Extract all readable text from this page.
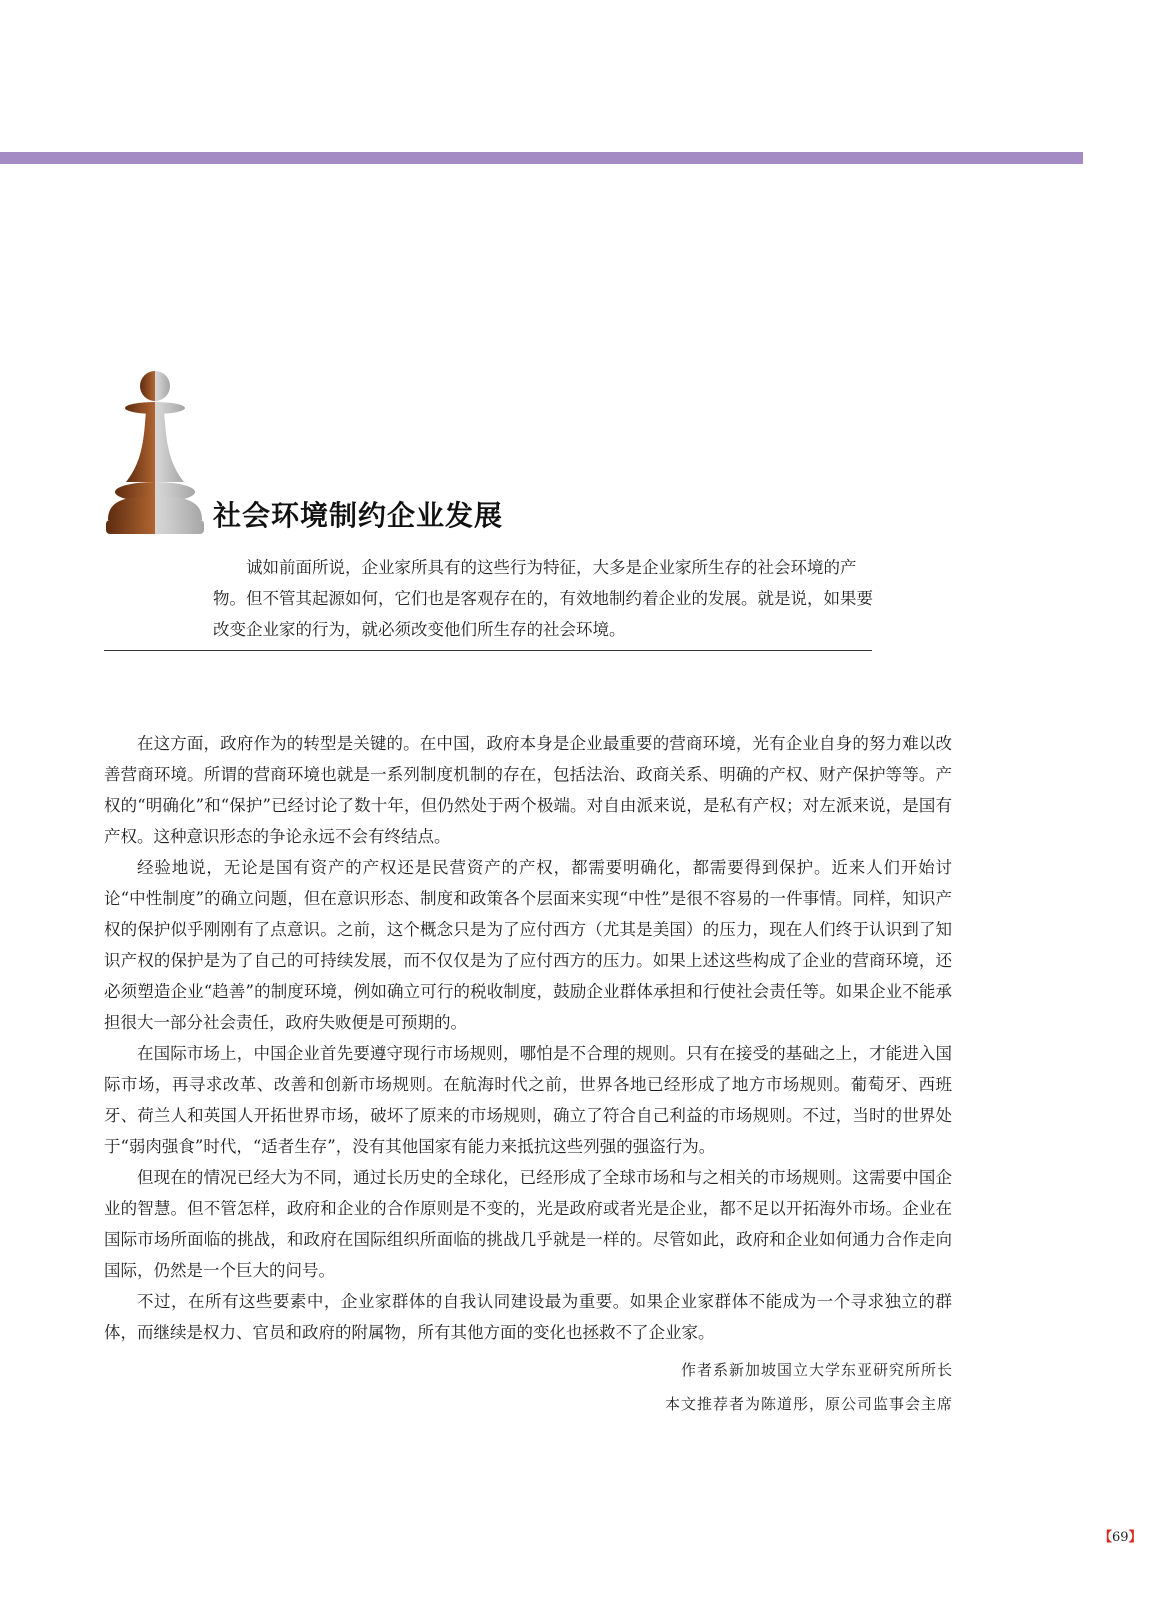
社会环境制约企业发展

诚如前面所说，企业家所具有的这些行为特征，大多是企业家所生存的社会环境的产物。但不管其起源如何，它们也是客观存在的，有效地制约着企业的发展。就是说，如果要改变企业家的行为，就必须改变他们所生存的社会环境。

在这方面，政府作为的转型是关键的。在中国，政府本身是企业最重要的营商环境，光有企业自身的努力难以改善营商环境。所谓的营商环境也就是一系列制度机制的存在，包括法治、政商关系、明确的产权、财产保护等等。产权的“明确化”和“保护”已经讨论了数十年，但仍然处于两个极端。对自由派来说，是私有产权；对左派来说，是国有产权。这种意识形态的争论永远不会有终结点。

经验地说，无论是国有资产的产权还是民营资产的产权，都需要明确化，都需要得到保护。近来人们开始讨论“中性制度”的确立问题，但在意识形态、制度和政策各个层面来实现“中性”是很不容易的一件事情。同样，知识产权的保护似乎刚刚有了点意识。之前，这个概念只是为了应付西方（尤其是美国）的压力，现在人们终于认识到了知识产权的保护是为了自己的可持续发展，而不仅仅是为了应付西方的压力。如果上述这些构成了企业的营商环境，还必须塑造企业“趋善”的制度环境，例如确立可行的税收制度，鼓励企业群体承担和行使社会责任等。如果企业不能承担很大一部分社会责任，政府失败便是可预期的。

在国际市场上，中国企业首先要遵守现行市场规则，哪怕是不合理的规则。只有在接受的基础之上，才能进入国际市场，再寻求改革、改善和创新市场规则。在航海时代之前，世界各地已经形成了地方市场规则。葡萄牙、西班牙、荷兰人和英国人开拓世界市场，破坏了原来的市场规则，确立了符合自己利益的市场规则。不过，当时的世界处于“弱肉强食”时代，“适者生存”，没有其他国家有能力来抵抗这些列强的强盗行为。

但现在的情况已经大为不同，通过长历史的全球化，已经形成了全球市场和与之相关的市场规则。这需要中国企业的智慧。但不管怎样，政府和企业的合作原则是不变的，光是政府或者光是企业，都不足以开拓海外市场。企业在国际市场所面临的挑战，和政府在国际组织所面临的挑战几乎就是一样的。尽管如此，政府和企业如何通力合作走向国际，仍然是一个巨大的问号。

不过，在所有这些要素中，企业家群体的自我认同建设最为重要。如果企业家群体不能成为一个寻求独立的群体，而继续是权力、官员和政府的附属物，所有其他方面的变化也拯救不了企业家。

作者系新加坡国立大学东亚研究所所长
本文推荐者为陈道彤，原公司监事会主席
【69】
